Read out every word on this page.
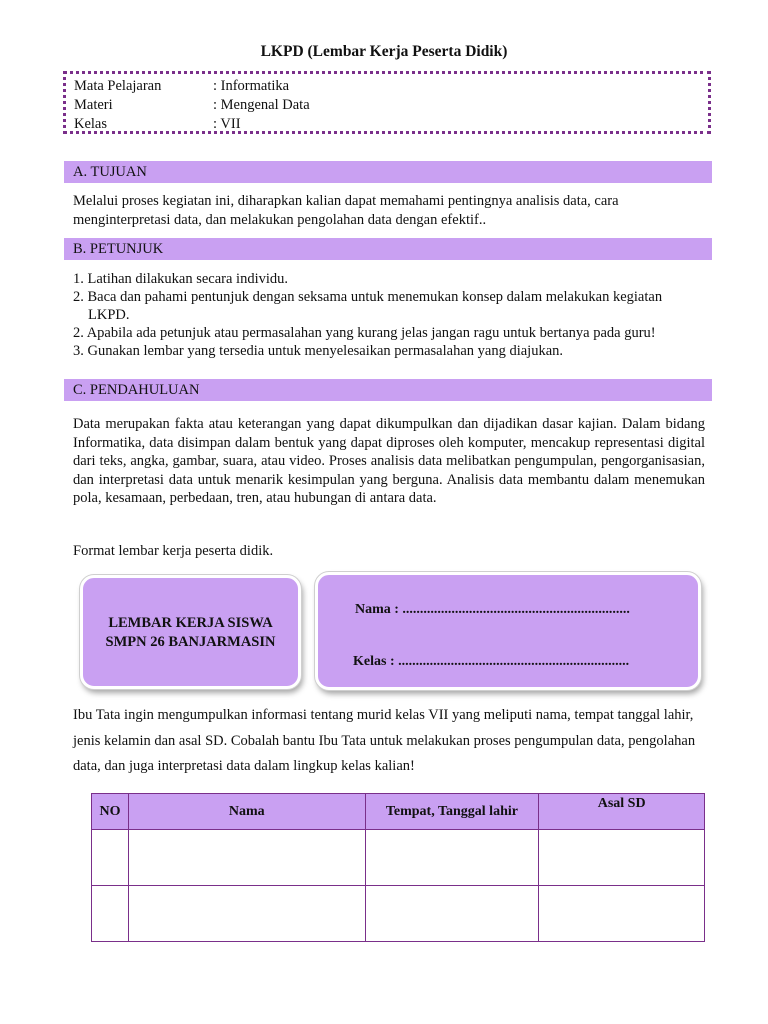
LKPD (Lembar Kerja Peserta Didik)
Mata Pelajaran	: Informatika
Materi	: Mengenal Data
Kelas	: VII
A. TUJUAN
Melalui proses kegiatan ini, diharapkan kalian dapat memahami pentingnya analisis data, cara menginterpretasi data, dan melakukan pengolahan data dengan efektif..
B. PETUNJUK
1. Latihan dilakukan secara individu.
2. Baca dan pahami pentunjuk dengan seksama untuk menemukan konsep dalam melakukan kegiatan
LKPD.
2. Apabila ada petunjuk atau permasalahan yang kurang jelas jangan ragu untuk bertanya pada guru!
3. Gunakan lembar yang tersedia untuk menyelesaikan permasalahan yang diajukan.
C. PENDAHULUAN
Data merupakan fakta atau keterangan yang dapat dikumpulkan dan dijadikan dasar kajian. Dalam bidang Informatika, data disimpan dalam bentuk yang dapat diproses oleh komputer, mencakup representasi digital dari teks, angka, gambar, suara, atau video. Proses analisis data melibatkan pengumpulan, pengorganisasian, dan interpretasi data untuk menarik kesimpulan yang berguna. Analisis data membantu dalam menemukan pola, kesamaan, perbedaan, tren, atau hubungan di antara data.
Format lembar kerja peserta didik.
LEMBAR KERJA SISWA
SMPN 26 BANJARMASIN
Nama : .................................................................
Kelas : ..................................................................
Ibu Tata ingin mengumpulkan informasi tentang murid kelas VII yang meliputi nama, tempat tanggal lahir, jenis kelamin dan asal SD. Cobalah bantu Ibu Tata untuk melakukan proses pengumpulan data, pengolahan data, dan juga interpretasi data dalam lingkup kelas kalian!
NO	Nama	Tempat, Tanggal lahir	Asal SD
